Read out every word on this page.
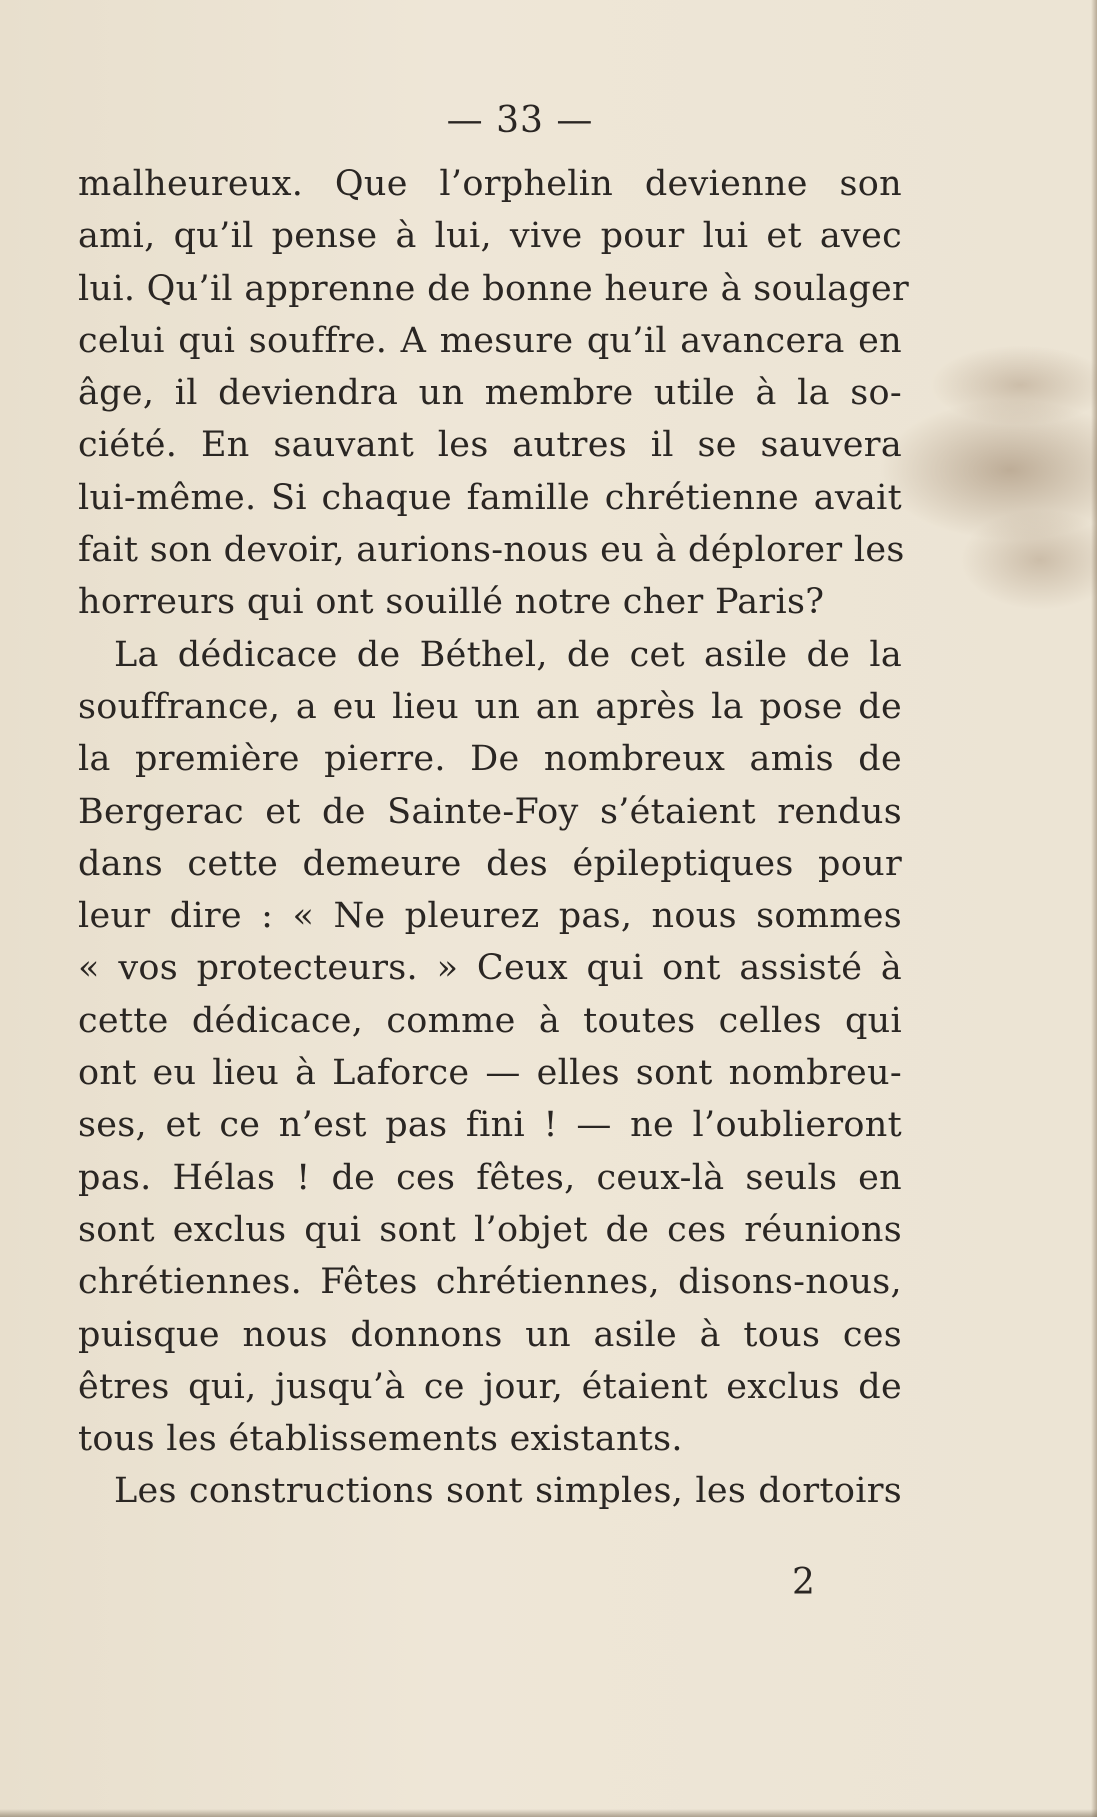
— 33 —
malheureux. Que l’orphelin devienne son
ami, qu’il pense à lui, vive pour lui et avec
lui. Qu’il apprenne de bonne heure à soulager
celui qui souffre. A mesure qu’il avancera en
âge, il deviendra un membre utile à la so-
ciété. En sauvant les autres il se sauvera
lui-même. Si chaque famille chrétienne avait
fait son devoir, aurions-nous eu à déplorer les
horreurs qui ont souillé notre cher Paris?
La dédicace de Béthel, de cet asile de la
souffrance, a eu lieu un an après la pose de
la première pierre. De nombreux amis de
Bergerac et de Sainte-Foy s’étaient rendus
dans cette demeure des épileptiques pour
leur dire : « Ne pleurez pas, nous sommes
« vos protecteurs. » Ceux qui ont assisté à
cette dédicace, comme à toutes celles qui
ont eu lieu à Laforce — elles sont nombreu-
ses, et ce n’est pas fini ! — ne l’oublieront
pas. Hélas ! de ces fêtes, ceux-là seuls en
sont exclus qui sont l’objet de ces réunions
chrétiennes. Fêtes chrétiennes, disons-nous,
puisque nous donnons un asile à tous ces
êtres qui, jusqu’à ce jour, étaient exclus de
tous les établissements existants.
Les constructions sont simples, les dortoirs
2
